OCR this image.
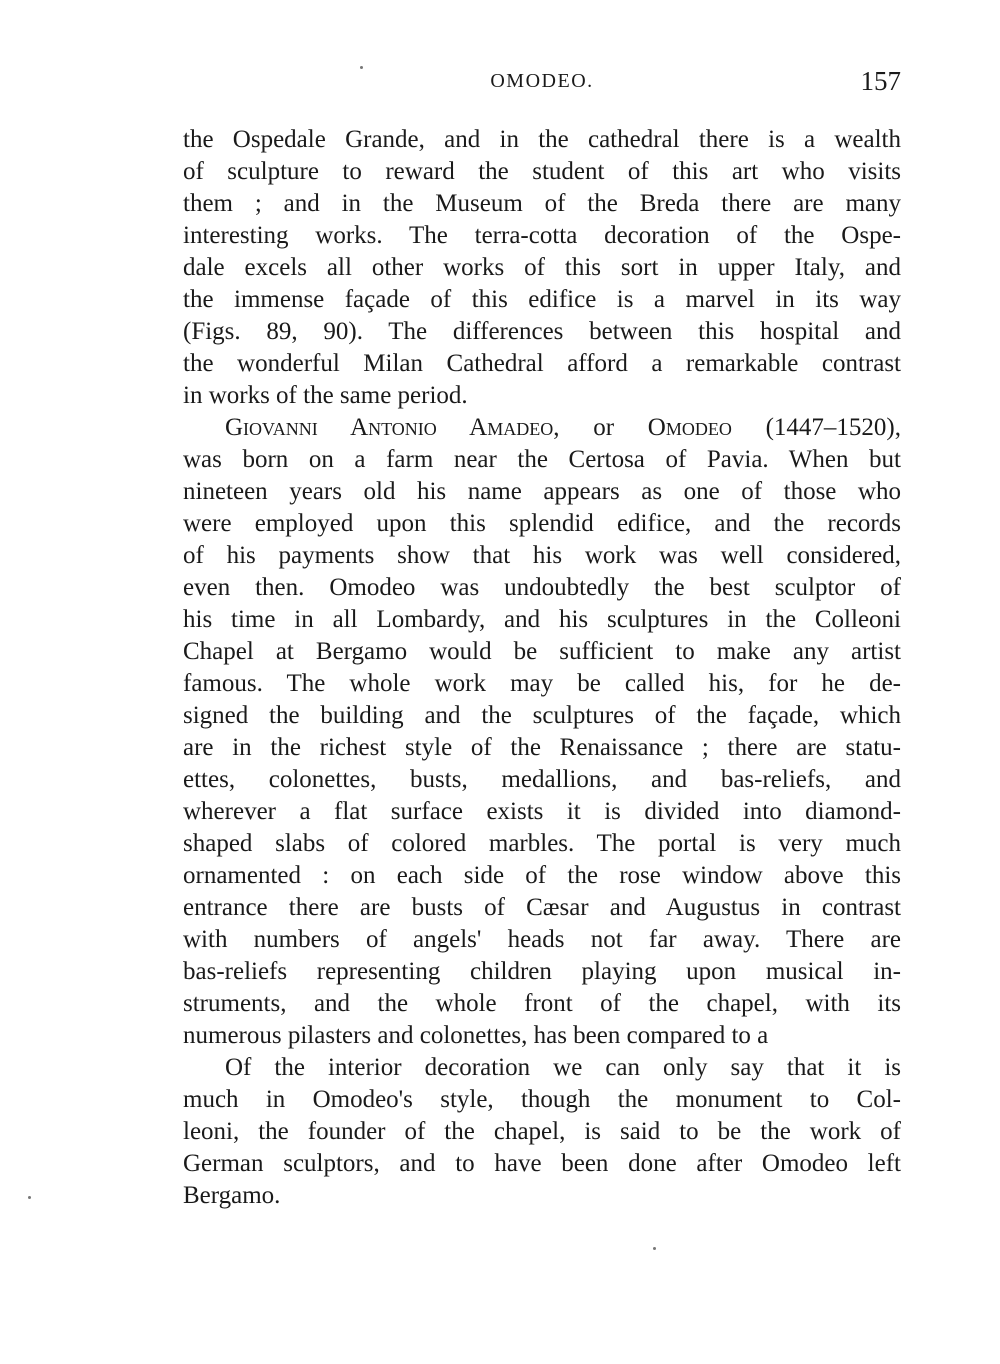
OMODEO.	157
the Ospedale Grande, and in the cathedral there is a wealth
of sculpture to reward the student of this art who visits
them ; and in the Museum of the Breda there are many
interesting works. The terra-cotta decoration of the Ospe-
dale excels all other works of this sort in upper Italy, and
the immense façade of this edifice is a marvel in its way
(Figs. 89, 90). The differences between this hospital and
the wonderful Milan Cathedral afford a remarkable contrast
in works of the same period.
Giovanni Antonio Amadeo, or Omodeo (1447–1520),
was born on a farm near the Certosa of Pavia. When but
nineteen years old his name appears as one of those who
were employed upon this splendid edifice, and the records
of his payments show that his work was well considered,
even then. Omodeo was undoubtedly the best sculptor of
his time in all Lombardy, and his sculptures in the Colleoni
Chapel at Bergamo would be sufficient to make any artist
famous. The whole work may be called his, for he de-
signed the building and the sculptures of the façade, which
are in the richest style of the Renaissance ; there are statu-
ettes, colonettes, busts, medallions, and bas-reliefs, and
wherever a flat surface exists it is divided into diamond-
shaped slabs of colored marbles. The portal is very much
ornamented : on each side of the rose window above this
entrance there are busts of Cæsar and Augustus in contrast
with numbers of angels' heads not far away. There are
bas-reliefs representing children playing upon musical in-
struments, and the whole front of the chapel, with its
numerous pilasters and colonettes, has been compared to a
Of the interior decoration we can only say that it is
much in Omodeo's style, though the monument to Col-
leoni, the founder of the chapel, is said to be the work of
German sculptors, and to have been done after Omodeo left
Bergamo.
